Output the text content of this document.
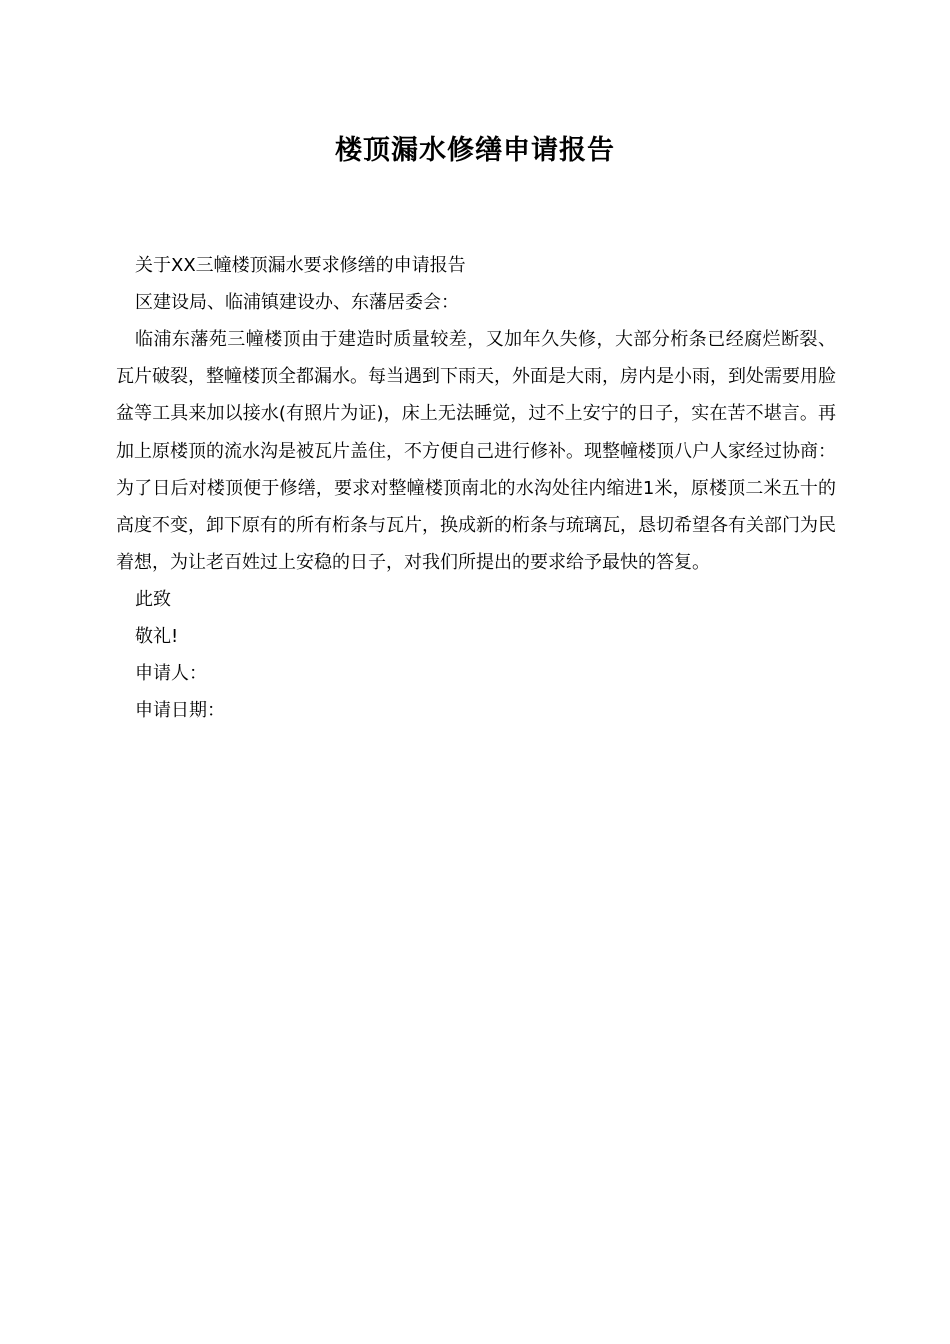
楼顶漏水修缮申请报告

关于XX三幢楼顶漏水要求修缮的申请报告

区建设局、临浦镇建设办、东藩居委会：

临浦东藩苑三幢楼顶由于建造时质量较差，又加年久失修，大部分桁条已经腐烂断裂、瓦片破裂，整幢楼顶全都漏水。每当遇到下雨天，外面是大雨，房内是小雨，到处需要用脸盆等工具来加以接水(有照片为证)，床上无法睡觉，过不上安宁的日子，实在苦不堪言。再加上原楼顶的流水沟是被瓦片盖住，不方便自己进行修补。现整幢楼顶八户人家经过协商：为了日后对楼顶便于修缮，要求对整幢楼顶南北的水沟处往内缩进1米，原楼顶二米五十的高度不变，卸下原有的所有桁条与瓦片，换成新的桁条与琉璃瓦，恳切希望各有关部门为民着想，为让老百姓过上安稳的日子，对我们所提出的要求给予最快的答复。

此致

敬礼!

申请人：

申请日期：
